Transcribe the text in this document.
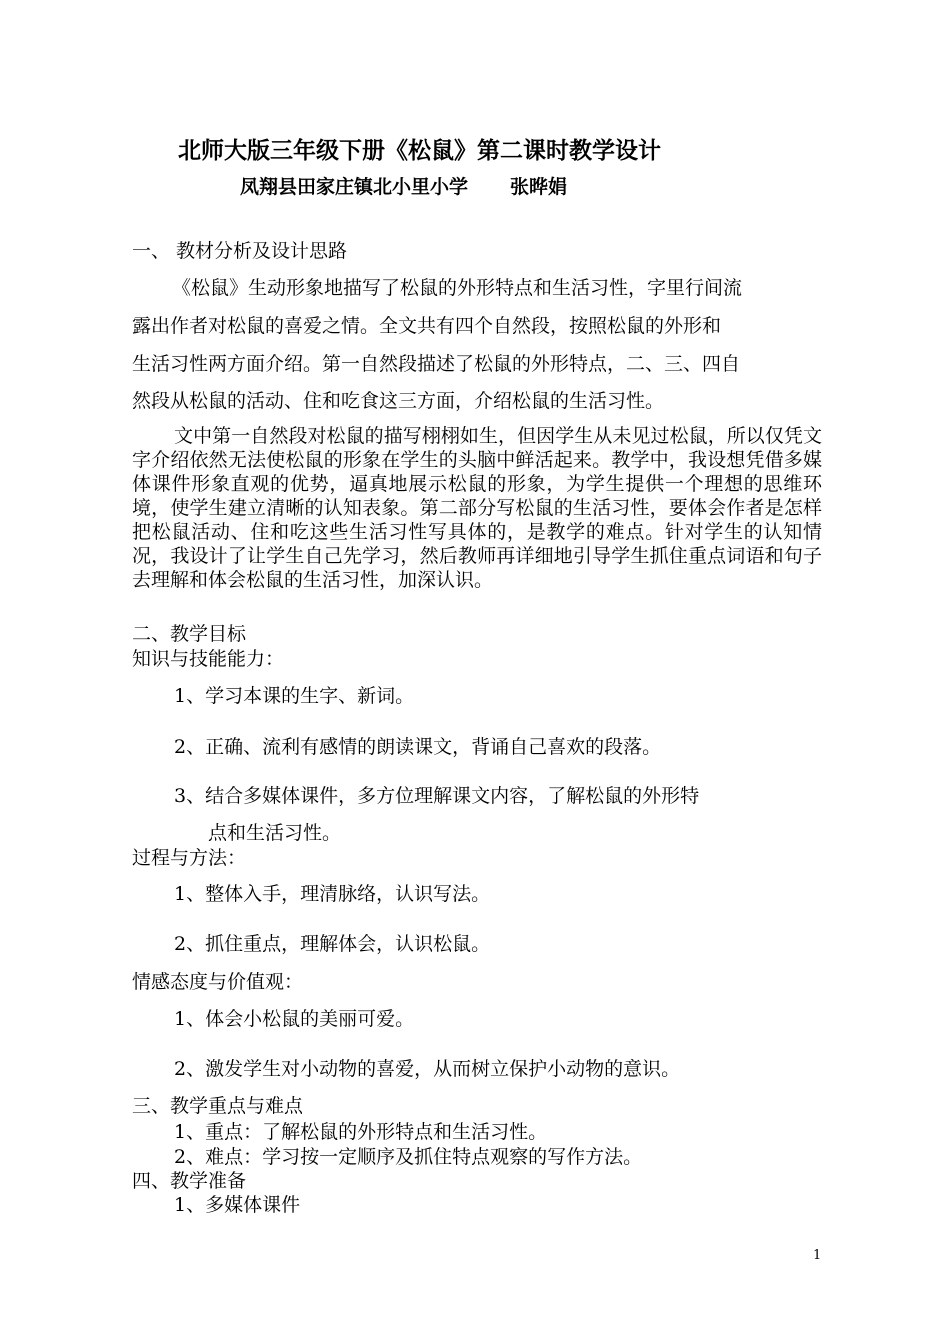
北师大版三年级下册《松鼠》第二课时教学设计
凤翔县田家庄镇北小里小学 张晔娟
一、 教材分析及设计思路
《松鼠》生动形象地描写了松鼠的外形特点和生活习性，字里行间流
露出作者对松鼠的喜爱之情。全文共有四个自然段，按照松鼠的外形和
生活习性两方面介绍。第一自然段描述了松鼠的外形特点，二、三、四自
然段从松鼠的活动、住和吃食这三方面，介绍松鼠的生活习性。
文中第一自然段对松鼠的描写栩栩如生，但因学生从未见过松鼠，所以仅凭文字介绍依然无法使松鼠的形象在学生的头脑中鲜活起来。教学中，我设想凭借多媒体课件形象直观的优势，逼真地展示松鼠的形象，为学生提供一个理想的思维环境，使学生建立清晰的认知表象。第二部分写松鼠的生活习性，要体会作者是怎样把松鼠活动、住和吃这些生活习性写具体的，是教学的难点。针对学生的认知情况，我设计了让学生自己先学习，然后教师再详细地引导学生抓住重点词语和句子去理解和体会松鼠的生活习性，加深认识。
二、教学目标
知识与技能能力：
1、学习本课的生字、新词。
2、正确、流利有感情的朗读课文，背诵自己喜欢的段落。
3、结合多媒体课件，多方位理解课文内容，了解松鼠的外形特
点和生活习性。
过程与方法：
1、整体入手，理清脉络，认识写法。
2、抓住重点，理解体会，认识松鼠。
情感态度与价值观：
1、体会小松鼠的美丽可爱。
2、激发学生对小动物的喜爱，从而树立保护小动物的意识。
三、教学重点与难点
1、重点：了解松鼠的外形特点和生活习性。
2、难点：学习按一定顺序及抓住特点观察的写作方法。
四、教学准备
1、多媒体课件
1
